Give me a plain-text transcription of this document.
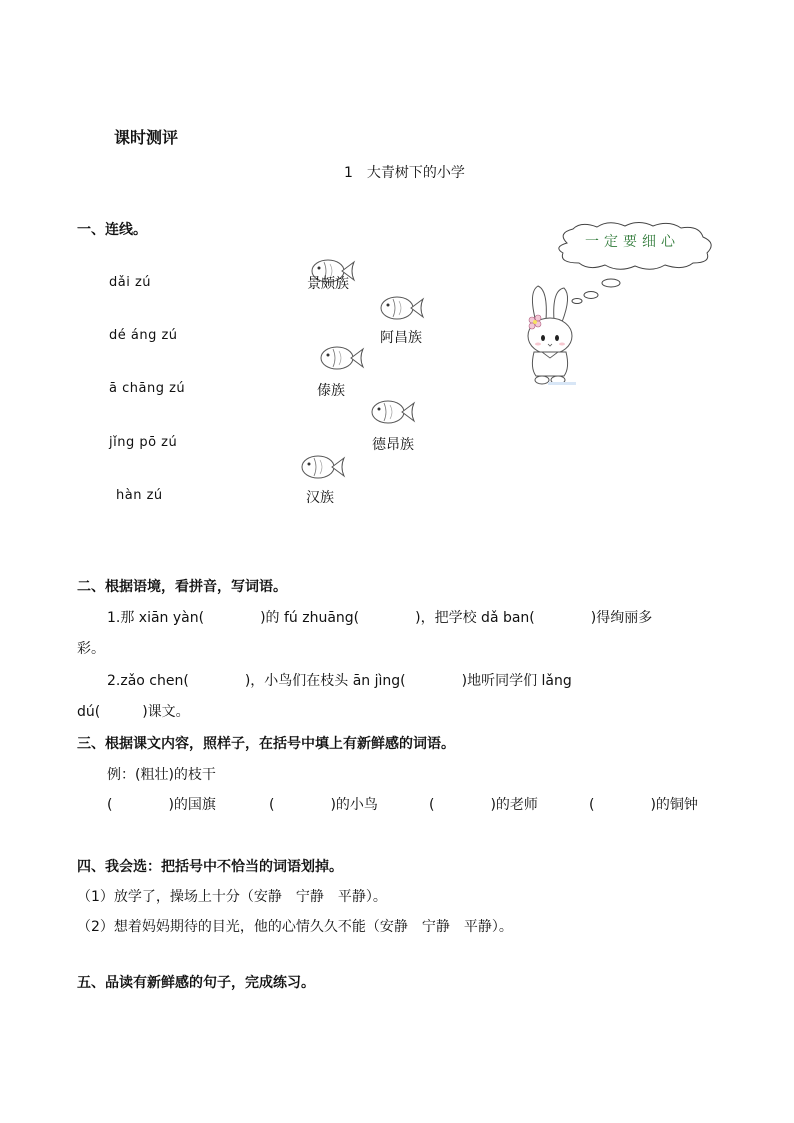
课时测评
1　大青树下的小学
一、连线。
dǎi zú
dé áng zú
ā chāng zú
jǐng pō zú
hàn zú
景颇族
阿昌族
傣族
德昂族
汉族
一定要细心
二、根据语境，看拼音，写词语。
1.那 xiān yàn(　　　　)的 fú zhuāng(　　　　)，把学校 dǎ ban(　　　　)得绚丽多
彩。
2.zǎo chen(　　　　)，小鸟们在枝头 ān jìng(　　　　)地听同学们 lǎng
dú(　　　)课文。
三、根据课文内容，照样子，在括号中填上有新鲜感的词语。
例：(粗壮)的枝干
(　　　　)的国旗	(　　　　)的小鸟	(　　　　)的老师	(　　　　)的铜钟
四、我会选：把括号中不恰当的词语划掉。
（1）放学了，操场上十分（安静　宁静　平静）。
（2）想着妈妈期待的目光，他的心情久久不能（安静　宁静　平静）。
五、品读有新鲜感的句子，完成练习。
